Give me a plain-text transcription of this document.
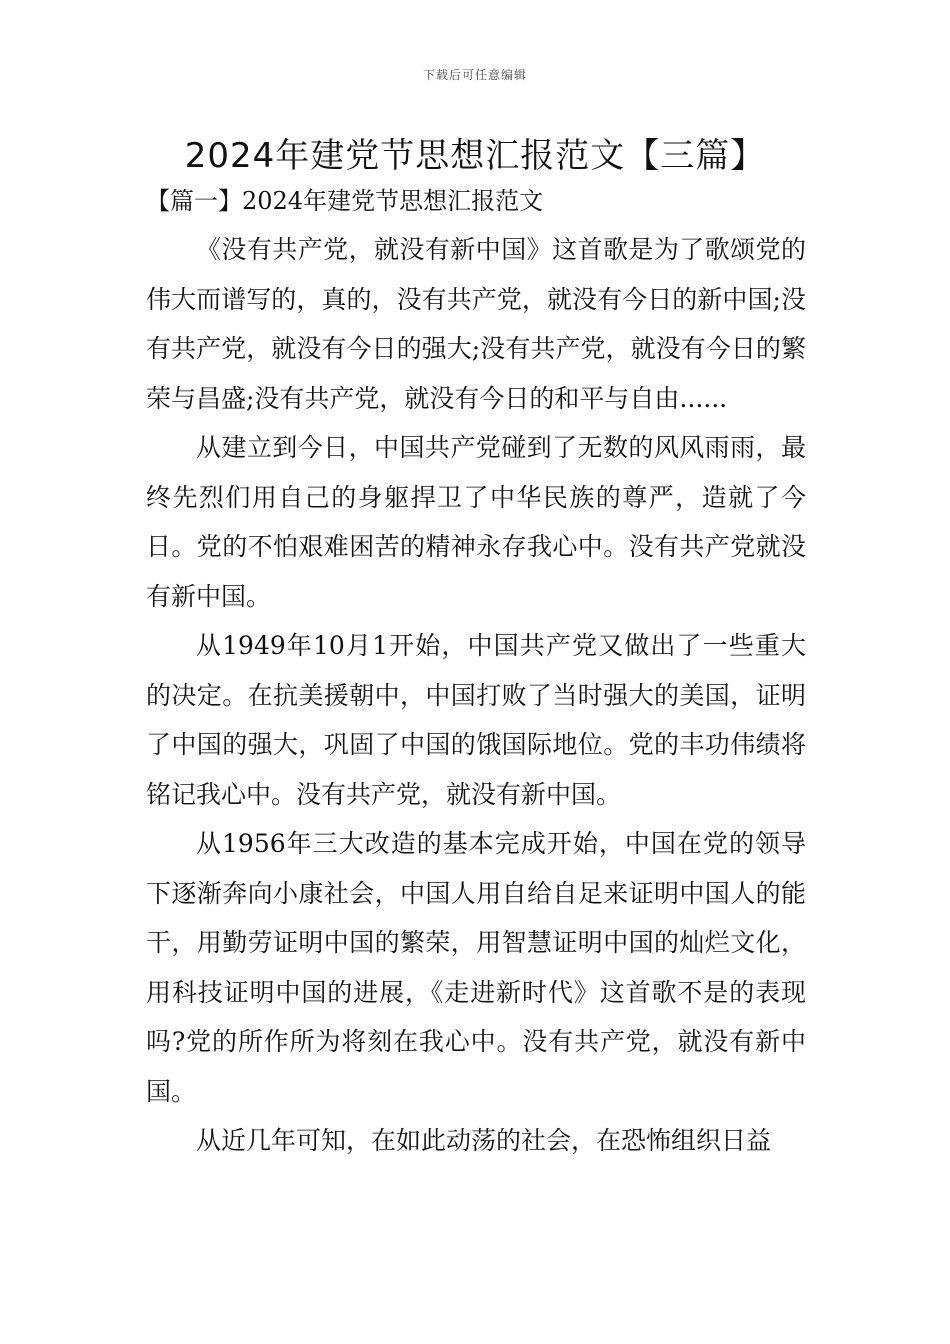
下载后可任意编辑
2024年建党节思想汇报范文【三篇】
【篇一】2024年建党节思想汇报范文

《没有共产党，就没有新中国》这首歌是为了歌颂党的伟大而谱写的，真的，没有共产党，就没有今日的新中国;没有共产党，就没有今日的强大;没有共产党，就没有今日的繁荣与昌盛;没有共产党，就没有今日的和平与自由......

从建立到今日，中国共产党碰到了无数的风风雨雨，最终先烈们用自己的身躯捍卫了中华民族的尊严，造就了今日。党的不怕艰难困苦的精神永存我心中。没有共产党就没有新中国。

从1949年10月1开始，中国共产党又做出了一些重大的决定。在抗美援朝中，中国打败了当时强大的美国，证明了中国的强大，巩固了中国的饿国际地位。党的丰功伟绩将铭记我心中。没有共产党，就没有新中国。

从1956年三大改造的基本完成开始，中国在党的领导下逐渐奔向小康社会，中国人用自给自足来证明中国人的能干，用勤劳证明中国的繁荣，用智慧证明中国的灿烂文化，用科技证明中国的进展，《走进新时代》这首歌不是的表现吗?党的所作所为将刻在我心中。没有共产党，就没有新中国。

从近几年可知，在如此动荡的社会，在恐怖组织日益
